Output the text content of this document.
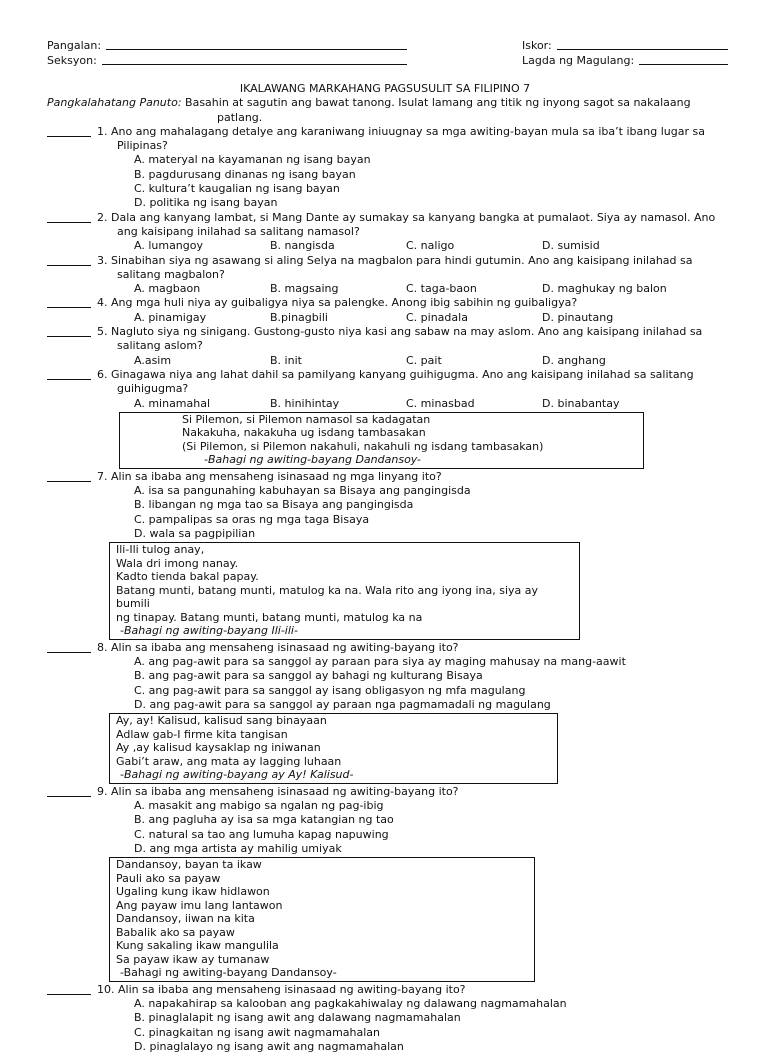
Pangalan:	Iskor:
Seksyon:	Lagda ng Magulang:
IKALAWANG MARKAHANG PAGSUSULIT SA FILIPINO 7
Pangkalahatang Panuto: Basahin at sagutin ang bawat tanong. Isulat lamang ang titik ng inyong sagot sa nakalaang
patlang.
1. Ano ang mahalagang detalye ang karaniwang iniuugnay sa mga awiting-bayan mula sa iba’t ibang lugar sa
Pilipinas?
A. materyal na kayamanan ng isang bayan
B. pagdurusang dinanas ng isang bayan
C. kultura’t kaugalian ng isang bayan
D. politika ng isang bayan
2. Dala ang kanyang lambat, si Mang Dante ay sumakay sa kanyang bangka at pumalaot. Siya ay namasol. Ano
ang kaisipang inilahad sa salitang namasol?
A. lumangoy	B. nangisda	C. naligo	D. sumisid
3. Sinabihan siya ng asawang si aling Selya na magbalon para hindi gutumin. Ano ang kaisipang inilahad sa
salitang magbalon?
A. magbaon	B. magsaing	C. taga-baon	D. maghukay ng balon
4. Ang mga huli niya ay guibaligya niya sa palengke. Anong ibig sabihin ng guibaligya?
A. pinamigay	B.pinagbili	C. pinadala	D. pinautang
5. Nagluto siya ng sinigang. Gustong-gusto niya kasi ang sabaw na may aslom. Ano ang kaisipang inilahad sa
salitang aslom?
A.asim	B. init	C. pait	D. anghang
6. Ginagawa niya ang lahat dahil sa pamilyang kanyang guihigugma. Ano ang kaisipang inilahad sa salitang
guihigugma?
A. minamahal	B. hinihintay	C. minasbad	D. binabantay
Si Pilemon, si Pilemon namasol sa kadagatan
Nakakuha, nakakuha ug isdang tambasakan
(Si Pilemon, si Pilemon nakahuli, nakahuli ng isdang tambasakan)
-Bahagi ng awiting-bayang Dandansoy-
7. Alin sa ibaba ang mensaheng isinasaad ng mga linyang ito?
A. isa sa pangunahing kabuhayan sa Bisaya ang pangingisda
B. libangan ng mga tao sa Bisaya ang pangingisda
C. pampalipas sa oras ng mga taga Bisaya
D. wala sa pagpipilian
Ili-Ili tulog anay,
Wala dri imong nanay.
Kadto tienda bakal papay.
Batang munti, batang munti, matulog ka na. Wala rito ang iyong ina, siya ay bumili
ng tinapay. Batang munti, batang munti, matulog ka na
-Bahagi ng awiting-bayang Ili-ili-
8. Alin sa ibaba ang mensaheng isinasaad ng awiting-bayang ito?
A. ang pag-awit para sa sanggol ay paraan para siya ay maging mahusay na mang-aawit
B. ang pag-awit para sa sanggol ay bahagi ng kulturang Bisaya
C. ang pag-awit para sa sanggol ay isang obligasyon ng mfa magulang
D. ang pag-awit para sa sanggol ay paraan nga pagmamadali ng magulang
Ay, ay! Kalisud, kalisud sang binayaan
Adlaw gab-I firme kita tangisan
Ay ,ay kalisud kaysaklap ng iniwanan
Gabi’t araw, ang mata ay lagging luhaan
-Bahagi ng awiting-bayang ay Ay! Kalisud-
9. Alin sa ibaba ang mensaheng isinasaad ng awiting-bayang ito?
A. masakit ang mabigo sa ngalan ng pag-ibig
B. ang pagluha ay isa sa mga katangian ng tao
C. natural sa tao ang lumuha kapag napuwing
D. ang mga artista ay mahilig umiyak
Dandansoy, bayan ta ikaw
Pauli ako sa payaw
Ugaling kung ikaw hidlawon
Ang payaw imu lang lantawon
Dandansoy, iiwan na kita
Babalik ako sa payaw
Kung sakaling ikaw mangulila
Sa payaw ikaw ay tumanaw
-Bahagi ng awiting-bayang Dandansoy-
10. Alin sa ibaba ang mensaheng isinasaad ng awiting-bayang ito?
A. napakahirap sa kalooban ang pagkakahiwalay ng dalawang nagmamahalan
B. pinaglalapit ng isang awit ang dalawang nagmamahalan
C. pinagkaitan ng isang awit nagmamahalan
D. pinaglalayo ng isang awit ang nagmamahalan
